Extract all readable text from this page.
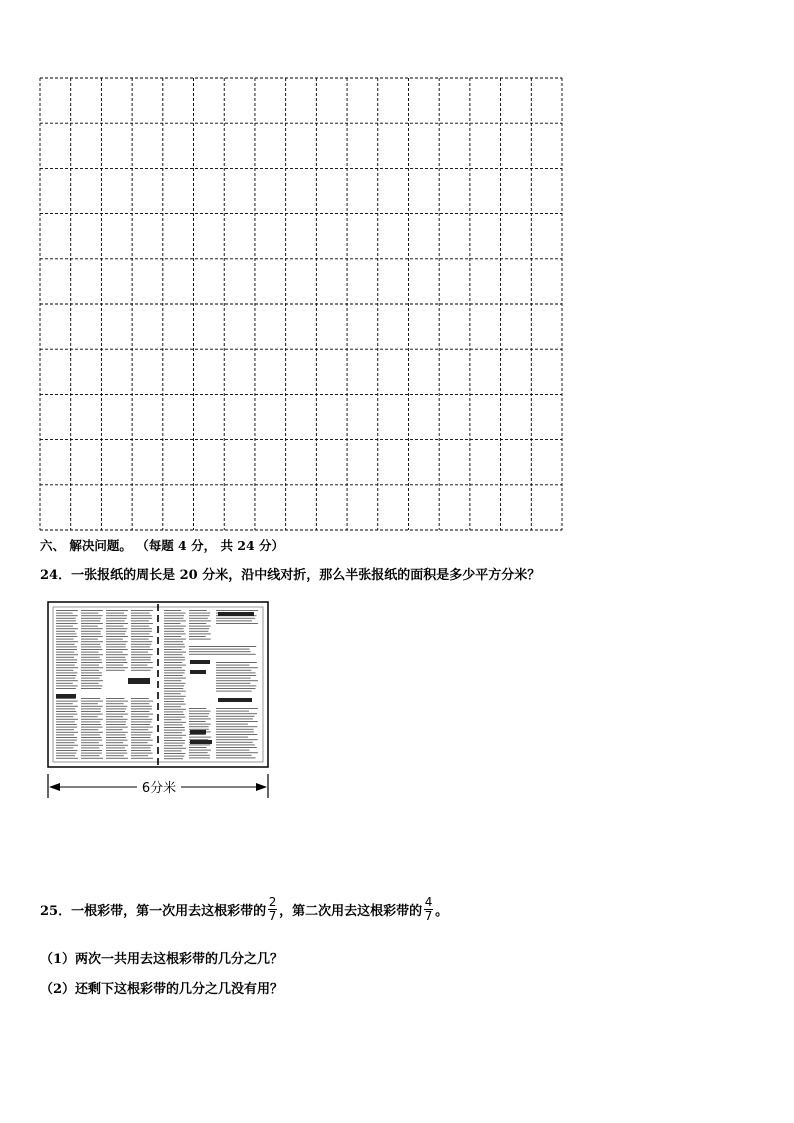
六、 解决问题。 （每题 4 分， 共 24 分）
24．一张报纸的周长是 20 分米，沿中线对折，那么半张报纸的面积是多少平方分米？
6分米
25．一根彩带，第一次用去这根彩带的 $\frac{2}{7}$ ，第二次用去这根彩带的 $\frac{4}{7}$ 。
（1）两次一共用去这根彩带的几分之几？
（2）还剩下这根彩带的几分之几没有用？
